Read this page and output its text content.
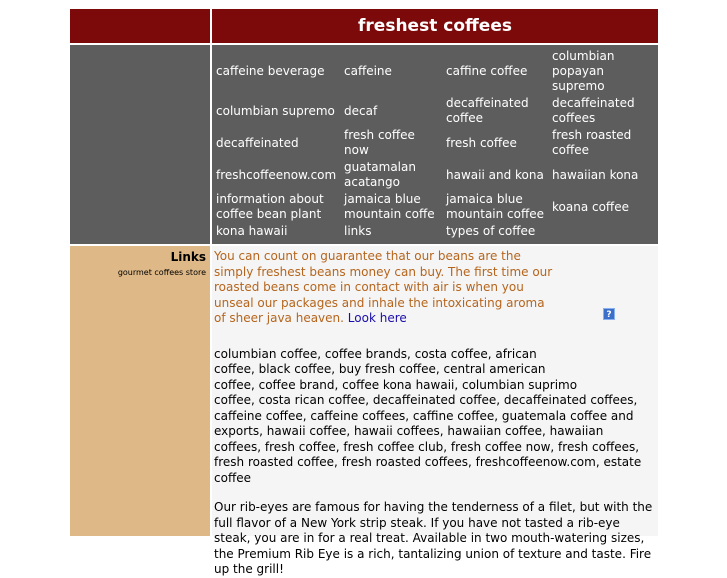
freshest coffees
caffeine beverage	caffeine	caffine coffee	columbian popayan supremo
columbian supremo	decaf	decaffeinated coffee	decaffeinated coffees
decaffeinated	fresh coffee now	fresh coffee	fresh roasted coffee
freshcoffeenow.com	guatamalan acatango	hawaii and kona	hawaiian kona
information about coffee bean plant	jamaica blue mountain coffe	jamaica blue mountain coffee	koana coffee
kona hawaii	links	types of coffee	
Links
gourmet coffees store
You can count on guarantee that our beans are the simply freshest beans money can buy. The first time our roasted beans come in contact with air is when you unseal our packages and inhale the intoxicating aroma of sheer java heaven. Look here	?

columbian coffee, coffee brands, costa coffee, african

coffee, black coffee, buy fresh coffee, central american

coffee, coffee brand, coffee kona hawaii, columbian suprimo

coffee, costa rican coffee, decaffeinated coffee, decaffeinated coffees, caffeine coffee, caffeine coffees, caffine coffee, guatemala coffee and exports, hawaii coffee, hawaii coffees, hawaiian coffee, hawaiian coffees, fresh coffee, fresh coffee club, fresh coffee now, fresh coffees, fresh roasted coffee, fresh roasted coffees, freshcoffeenow.com, estate coffee

Our rib-eyes are famous for having the tenderness of a filet, but with the full flavor of a New York strip steak. If you have not tasted a rib-eye steak, you are in for a real treat. Available in two mouth-watering sizes, the Premium Rib Eye is a rich, tantalizing union of texture and taste. Fire up the grill!
